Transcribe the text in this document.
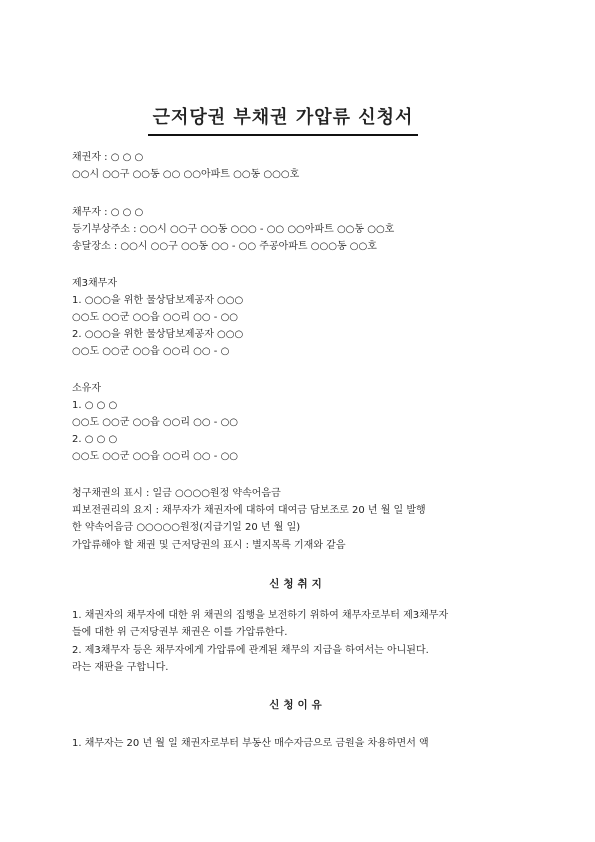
근저당권 부채권 가압류 신청서
채권자 : ○ ○ ○
○○시 ○○구 ○○동 ○○ ○○아파트 ○○동 ○○○호
채무자 : ○ ○ ○
등기부상주소 : ○○시 ○○구 ○○동 ○○○ - ○○ ○○아파트 ○○동 ○○호
송달장소 : ○○시 ○○구 ○○동 ○○ - ○○ 주공아파트 ○○○동 ○○호
제3채무자
1. ○○○을 위한 물상담보제공자 ○○○
○○도 ○○군 ○○읍 ○○리 ○○ - ○○
2. ○○○을 위한 물상담보제공자 ○○○
○○도 ○○군 ○○읍 ○○리 ○○ - ○
소유자
1. ○ ○ ○
○○도 ○○군 ○○읍 ○○리 ○○ - ○○
2. ○ ○ ○
○○도 ○○군 ○○읍 ○○리 ○○ - ○○
청구채권의 표시 : 일금 ○○○○원정 약속어음금
피보전권리의 요지 : 채무자가 채권자에 대하여 대여금 담보조로 20 년 월 일 발행
한 약속어음금 ○○○○○원정(지급기일 20 년 월 일)
가압류해야 할 채권 및 근저당권의 표시 : 별지목록 기재와 같음
신청취지
1. 채권자의 채무자에 대한 위 채권의 집행을 보전하기 위하여 채무자로부터 제3채무자
들에 대한 위 근저당권부 채권은 이를 가압류한다.
2. 제3채무자 등은 채무자에게 가압류에 관계된 채무의 지급을 하여서는 아니된다.
라는 재판을 구합니다.
신청이유
1. 채무자는 20 년 월 일 채권자로부터 부동산 매수자금으로 금원을 차용하면서 액
